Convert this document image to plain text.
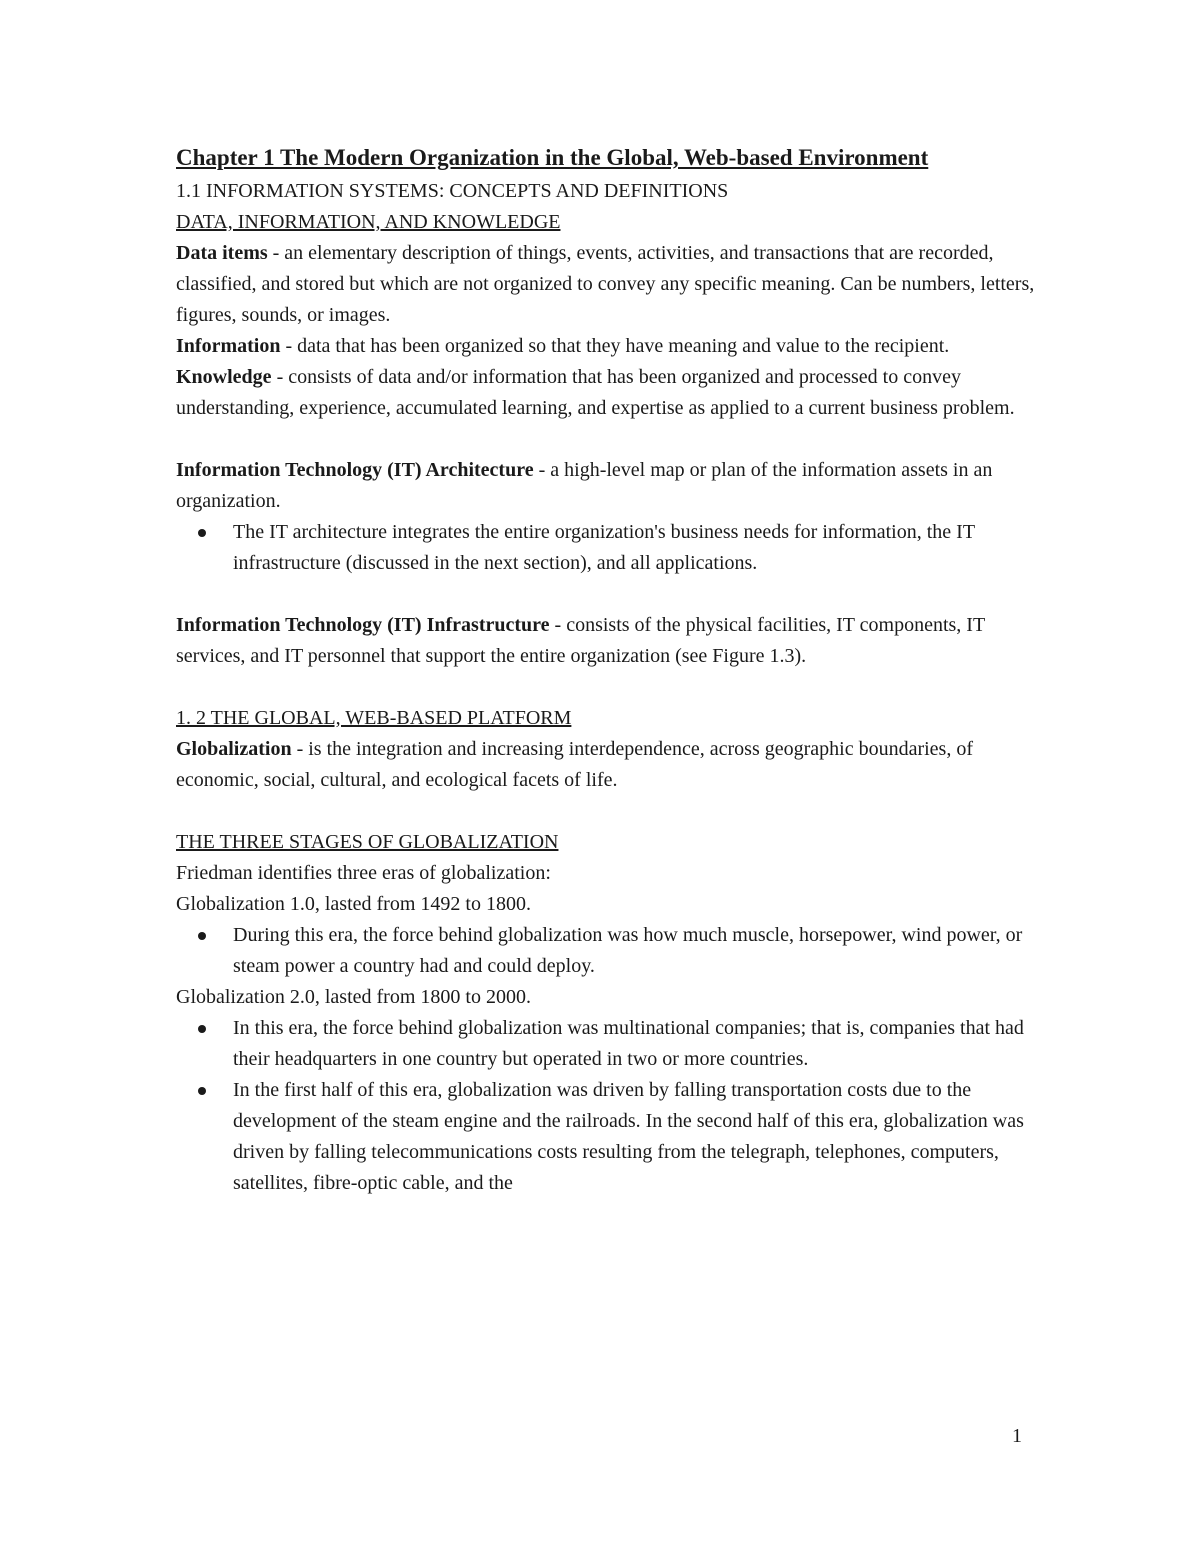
Chapter 1 The Modern Organization in the Global, Web-based Environment

1.1 INFORMATION SYSTEMS: CONCEPTS AND DEFINITIONS

DATA, INFORMATION, AND KNOWLEDGE

Data items - an elementary description of things, events, activities, and transactions that are recorded, classified, and stored but which are not organized to convey any specific meaning. Can be numbers, letters, figures, sounds, or images.

Information - data that has been organized so that they have meaning and value to the recipient.

Knowledge - consists of data and/or information that has been organized and processed to convey understanding, experience, accumulated learning, and expertise as applied to a current business problem.

Information Technology (IT) Architecture - a high-level map or plan of the information assets in an organization.

The IT architecture integrates the entire organization's business needs for information, the IT infrastructure (discussed in the next section), and all applications.

Information Technology (IT) Infrastructure - consists of the physical facilities, IT components, IT services, and IT personnel that support the entire organization (see Figure 1.3).

1. 2 THE GLOBAL, WEB-BASED PLATFORM

Globalization - is the integration and increasing interdependence, across geographic boundaries, of economic, social, cultural, and ecological facets of life.

THE THREE STAGES OF GLOBALIZATION

Friedman identifies three eras of globalization:

Globalization 1.0, lasted from 1492 to 1800.

During this era, the force behind globalization was how much muscle, horsepower, wind power, or steam power a country had and could deploy.

Globalization 2.0, lasted from 1800 to 2000.

In this era, the force behind globalization was multinational companies; that is, companies that had their headquarters in one country but operated in two or more countries.
In the first half of this era, globalization was driven by falling transportation costs due to the development of the steam engine and the railroads. In the second half of this era, globalization was driven by falling telecommunications costs resulting from the telegraph, telephones, computers, satellites, fibre-optic cable, and the
1
